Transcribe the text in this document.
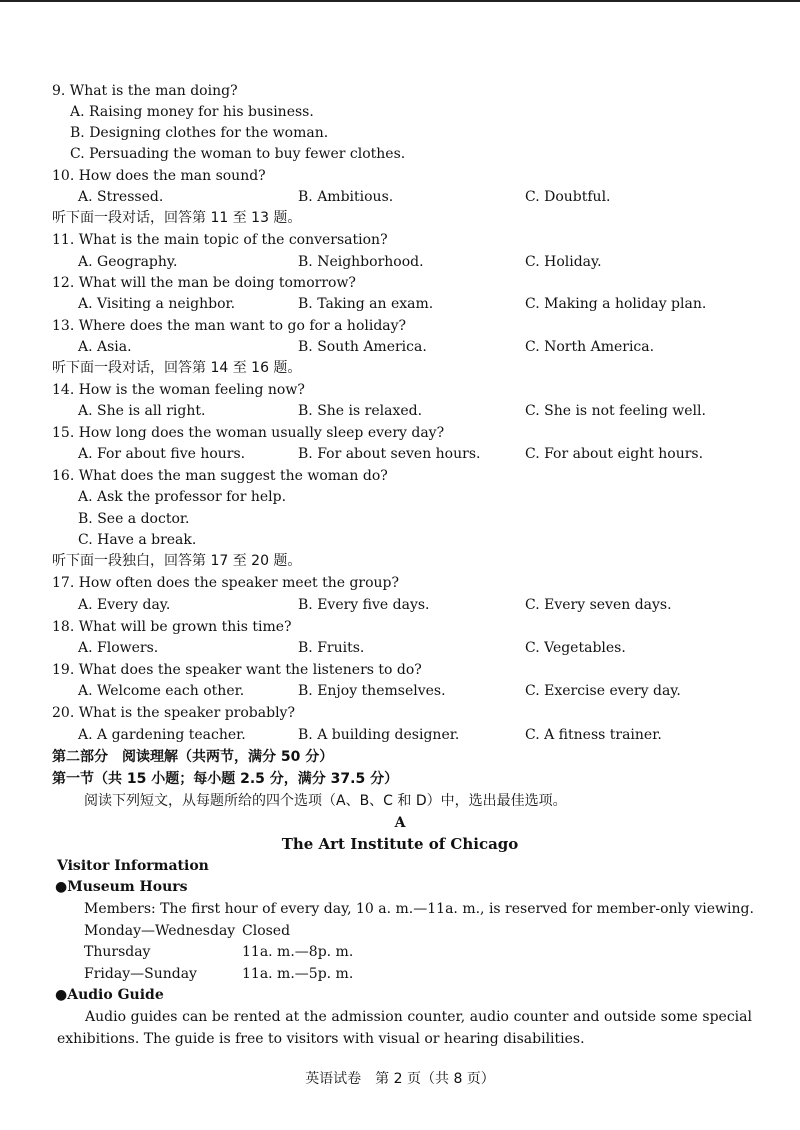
9. What is the man doing?
A. Raising money for his business.
B. Designing clothes for the woman.
C. Persuading the woman to buy fewer clothes.
10. How does the man sound?
A. Stressed.	B. Ambitious.	C. Doubtful.
听下面一段对话，回答第 11 至 13 题。
11. What is the main topic of the conversation?
A. Geography.	B. Neighborhood.	C. Holiday.
12. What will the man be doing tomorrow?
A. Visiting a neighbor.	B. Taking an exam.	C. Making a holiday plan.
13. Where does the man want to go for a holiday?
A. Asia.	B. South America.	C. North America.
听下面一段对话，回答第 14 至 16 题。
14. How is the woman feeling now?
A. She is all right.	B. She is relaxed.	C. She is not feeling well.
15. How long does the woman usually sleep every day?
A. For about five hours.	B. For about seven hours.	C. For about eight hours.
16. What does the man suggest the woman do?
A. Ask the professor for help.
B. See a doctor.
C. Have a break.
听下面一段独白，回答第 17 至 20 题。
17. How often does the speaker meet the group?
A. Every day.	B. Every five days.	C. Every seven days.
18. What will be grown this time?
A. Flowers.	B. Fruits.	C. Vegetables.
19. What does the speaker want the listeners to do?
A. Welcome each other.	B. Enjoy themselves.	C. Exercise every day.
20. What is the speaker probably?
A. A gardening teacher.	B. A building designer.	C. A fitness trainer.
第二部分　阅读理解（共两节，满分 50 分）
第一节（共 15 小题；每小题 2.5 分，满分 37.5 分）
阅读下列短文，从每题所给的四个选项（A、B、C 和 D）中，选出最佳选项。
A
The Art Institute of Chicago
Visitor Information
●Museum Hours
Members: The first hour of every day, 10 a. m.—11a. m., is reserved for member-only viewing.
Monday—Wednesday Closed
Thursday	11a. m.—8p. m.
Friday—Sunday	11a. m.—5p. m.
●Audio Guide
Audio guides can be rented at the admission counter, audio counter and outside some special exhibitions. The guide is free to visitors with visual or hearing disabilities.
英语试卷　第 2 页（共 8 页）
